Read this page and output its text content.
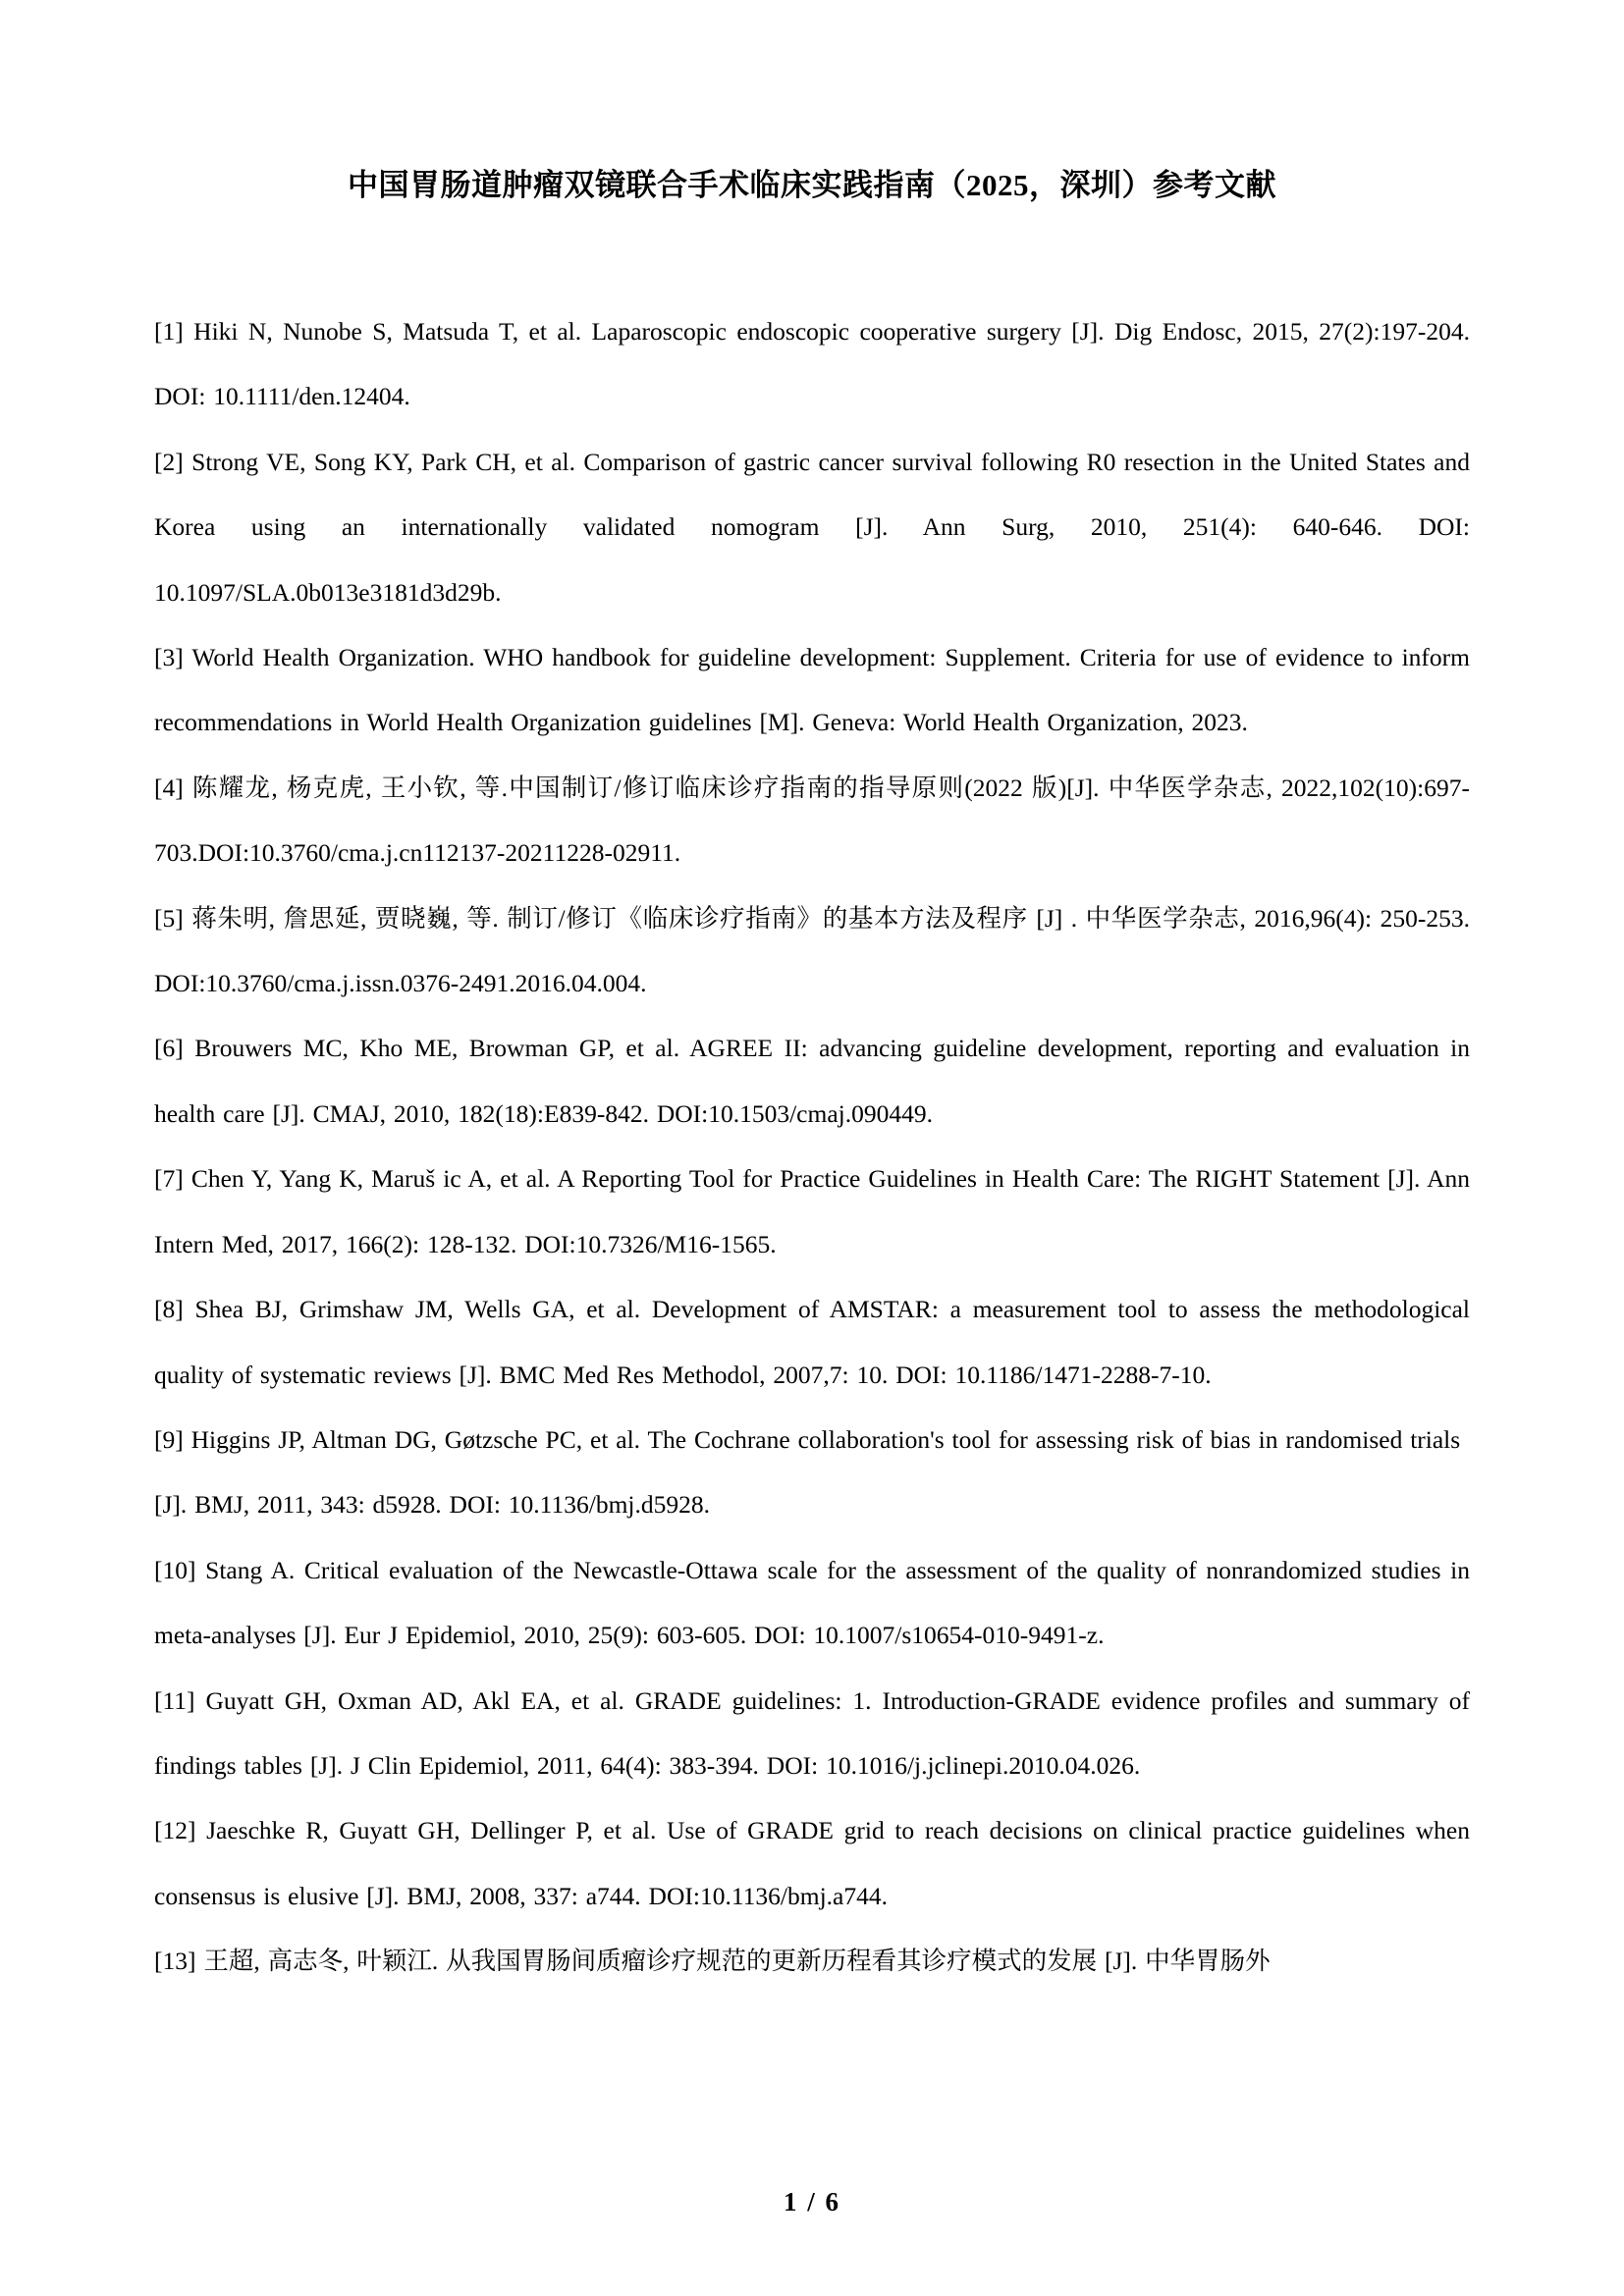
中国胃肠道肿瘤双镜联合手术临床实践指南（2025，深圳）参考文献

[1] Hiki N, Nunobe S, Matsuda T, et al. Laparoscopic endoscopic cooperative surgery [J]. Dig Endosc, 2015, 27(2):197-204. DOI: 10.1111/den.12404.

[2] Strong VE, Song KY, Park CH, et al. Comparison of gastric cancer survival following R0 resection in the United States and Korea using an internationally validated nomogram [J]. Ann Surg, 2010, 251(4): 640-646. DOI: 10.1097/SLA.0b013e3181d3d29b.

[3] World Health Organization. WHO handbook for guideline development: Supplement. Criteria for use of evidence to inform recommendations in World Health Organization guidelines [M]. Geneva: World Health Organization, 2023.

[4] 陈耀龙, 杨克虎, 王小钦, 等.中国制订/修订临床诊疗指南的指导原则(2022 版)[J]. 中华医学杂志, 2022,102(10):697-703.DOI:10.3760/cma.j.cn112137-20211228-02911.

[5] 蒋朱明, 詹思延, 贾晓巍, 等. 制订/修订《临床诊疗指南》的基本方法及程序 [J] . 中华医学杂志, 2016,96(4): 250-253. DOI:10.3760/cma.j.issn.0376-2491.2016.04.004.

[6] Brouwers MC, Kho ME, Browman GP, et al. AGREE II: advancing guideline development, reporting and evaluation in health care [J]. CMAJ, 2010, 182(18):E839-842. DOI:10.1503/cmaj.090449.

[7] Chen Y, Yang K, Maruš ic A, et al. A Reporting Tool for Practice Guidelines in Health Care: The RIGHT Statement [J]. Ann Intern Med, 2017, 166(2): 128-132. DOI:10.7326/M16-1565.

[8] Shea BJ, Grimshaw JM, Wells GA, et al. Development of AMSTAR: a measurement tool to assess the methodological quality of systematic reviews [J]. BMC Med Res Methodol, 2007,7: 10. DOI: 10.1186/1471-2288-7-10.

[9] Higgins JP, Altman DG, Gøtzsche PC, et al. The Cochrane collaboration's tool for assessing risk of bias in randomised trials [J]. BMJ, 2011, 343: d5928. DOI: 10.1136/bmj.d5928.

[10] Stang A. Critical evaluation of the Newcastle-Ottawa scale for the assessment of the quality of nonrandomized studies in meta-analyses [J]. Eur J Epidemiol, 2010, 25(9): 603-605. DOI: 10.1007/s10654-010-9491-z.

[11] Guyatt GH, Oxman AD, Akl EA, et al. GRADE guidelines: 1. Introduction-GRADE evidence profiles and summary of findings tables [J]. J Clin Epidemiol, 2011, 64(4): 383-394. DOI: 10.1016/j.jclinepi.2010.04.026.

[12] Jaeschke R, Guyatt GH, Dellinger P, et al. Use of GRADE grid to reach decisions on clinical practice guidelines when consensus is elusive [J]. BMJ, 2008, 337: a744. DOI:10.1136/bmj.a744.

[13] 王超, 高志冬, 叶颖江. 从我国胃肠间质瘤诊疗规范的更新历程看其诊疗模式的发展 [J]. 中华胃肠外

1 / 6
